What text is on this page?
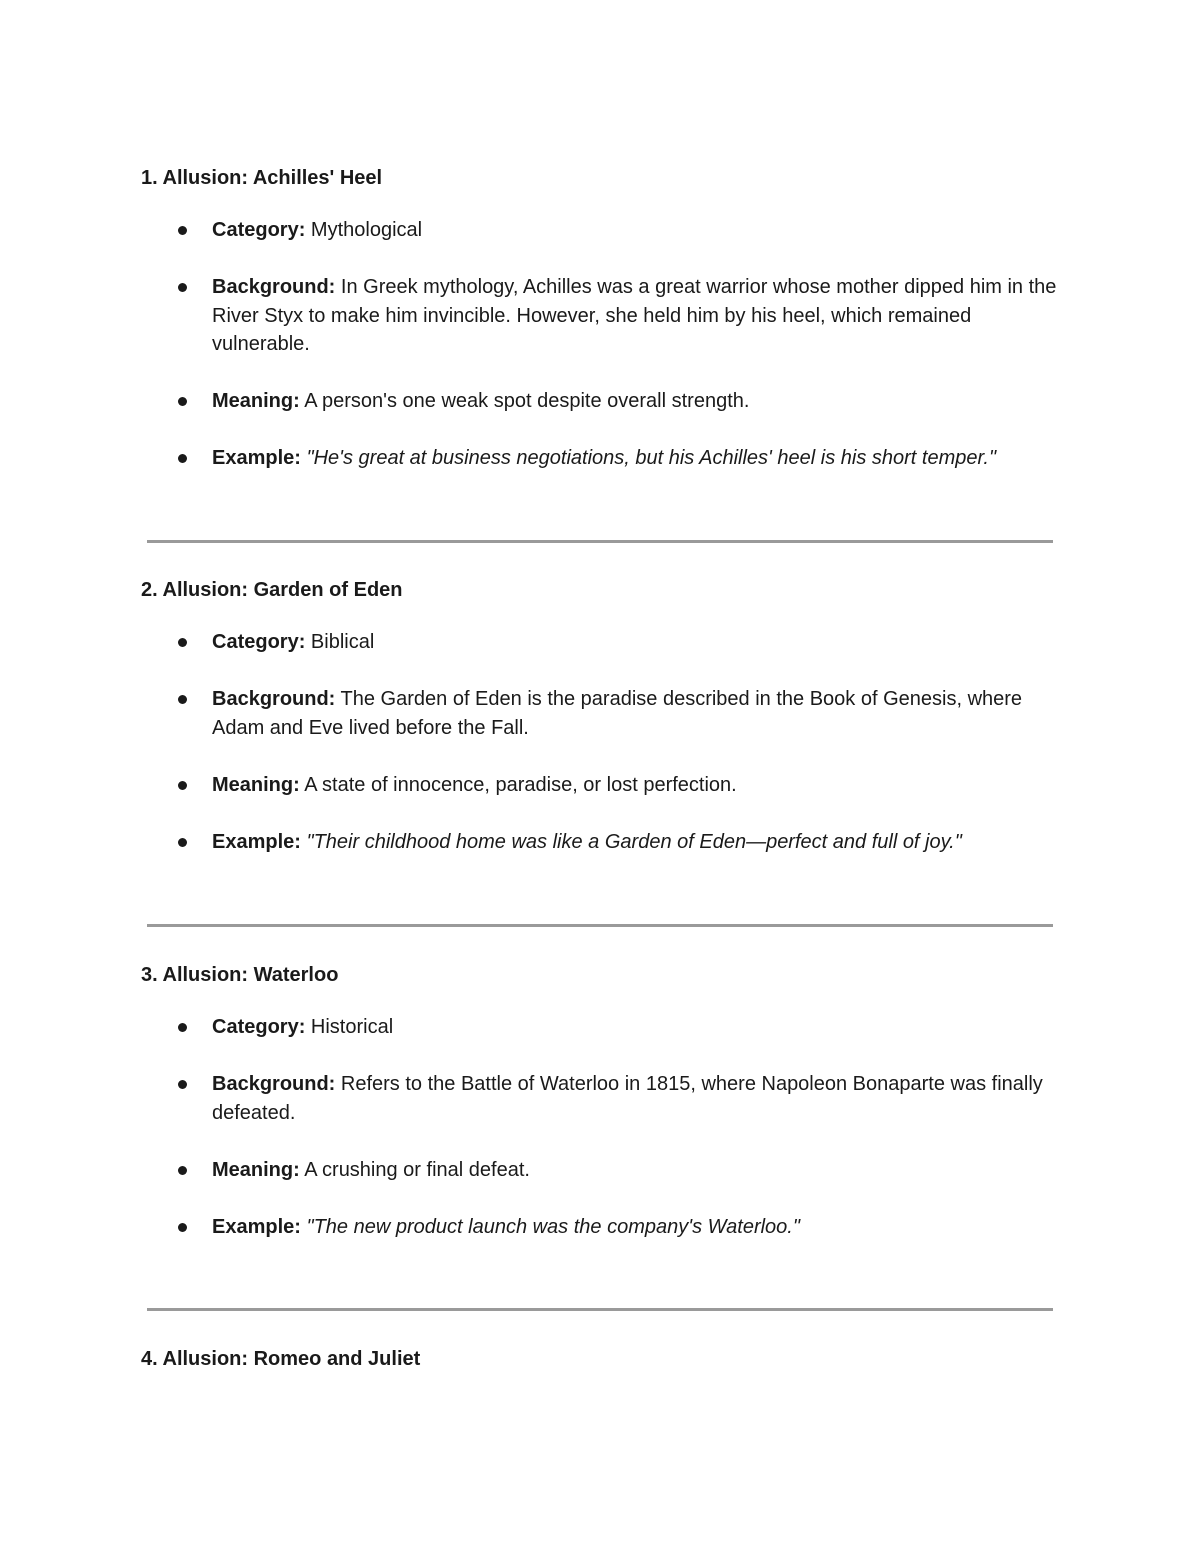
1. Allusion: Achilles' Heel
Category: Mythological
Background: In Greek mythology, Achilles was a great warrior whose mother dipped him in the River Styx to make him invincible. However, she held him by his heel, which remained vulnerable.
Meaning: A person's one weak spot despite overall strength.
Example: "He's great at business negotiations, but his Achilles' heel is his short temper."
2. Allusion: Garden of Eden
Category: Biblical
Background: The Garden of Eden is the paradise described in the Book of Genesis, where Adam and Eve lived before the Fall.
Meaning: A state of innocence, paradise, or lost perfection.
Example: "Their childhood home was like a Garden of Eden—perfect and full of joy."
3. Allusion: Waterloo
Category: Historical
Background: Refers to the Battle of Waterloo in 1815, where Napoleon Bonaparte was finally defeated.
Meaning: A crushing or final defeat.
Example: "The new product launch was the company's Waterloo."
4. Allusion: Romeo and Juliet
